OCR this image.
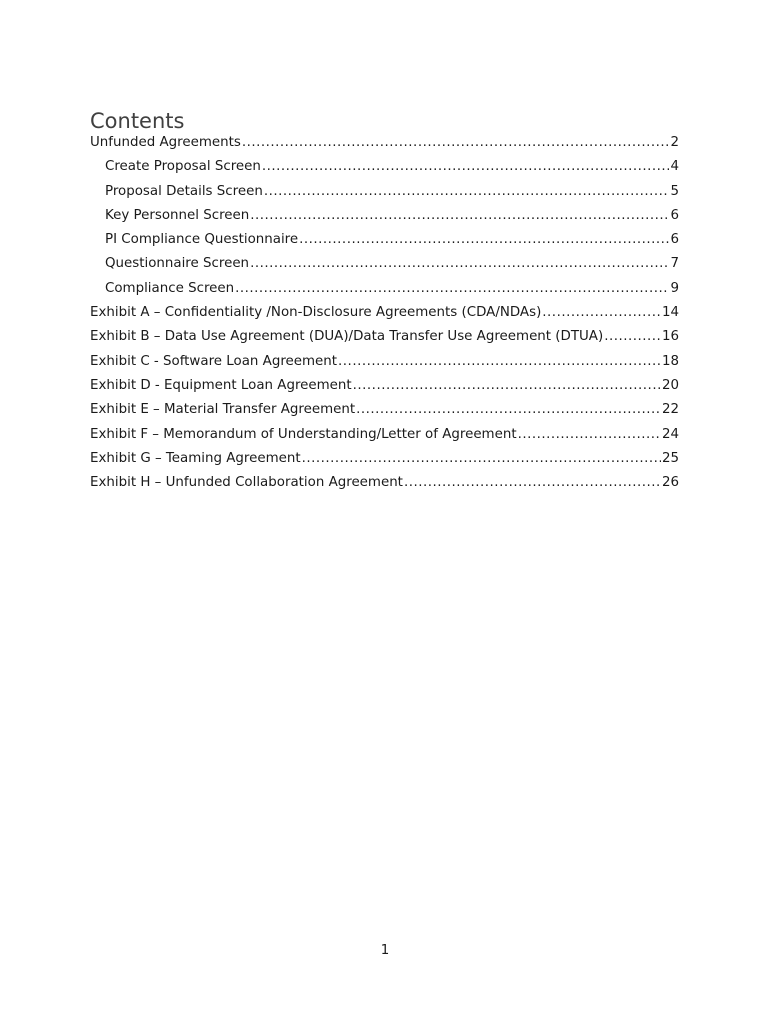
Contents
Unfunded Agreements .....	2
Create Proposal Screen .....	4
Proposal Details Screen .....	5
Key Personnel Screen .....	6
PI Compliance Questionnaire .....	6
Questionnaire Screen .....	7
Compliance Screen .....	9
Exhibit A – Confidentiality /Non-Disclosure Agreements (CDA/NDAs) .....	14
Exhibit B – Data Use Agreement (DUA)/Data Transfer Use Agreement (DTUA) .....	16
Exhibit C - Software Loan Agreement .....	18
Exhibit D - Equipment Loan Agreement .....	20
Exhibit E – Material Transfer Agreement .....	22
Exhibit F – Memorandum of Understanding/Letter of Agreement .....	24
Exhibit G – Teaming Agreement .....	25
Exhibit H – Unfunded Collaboration Agreement .....	26
1
